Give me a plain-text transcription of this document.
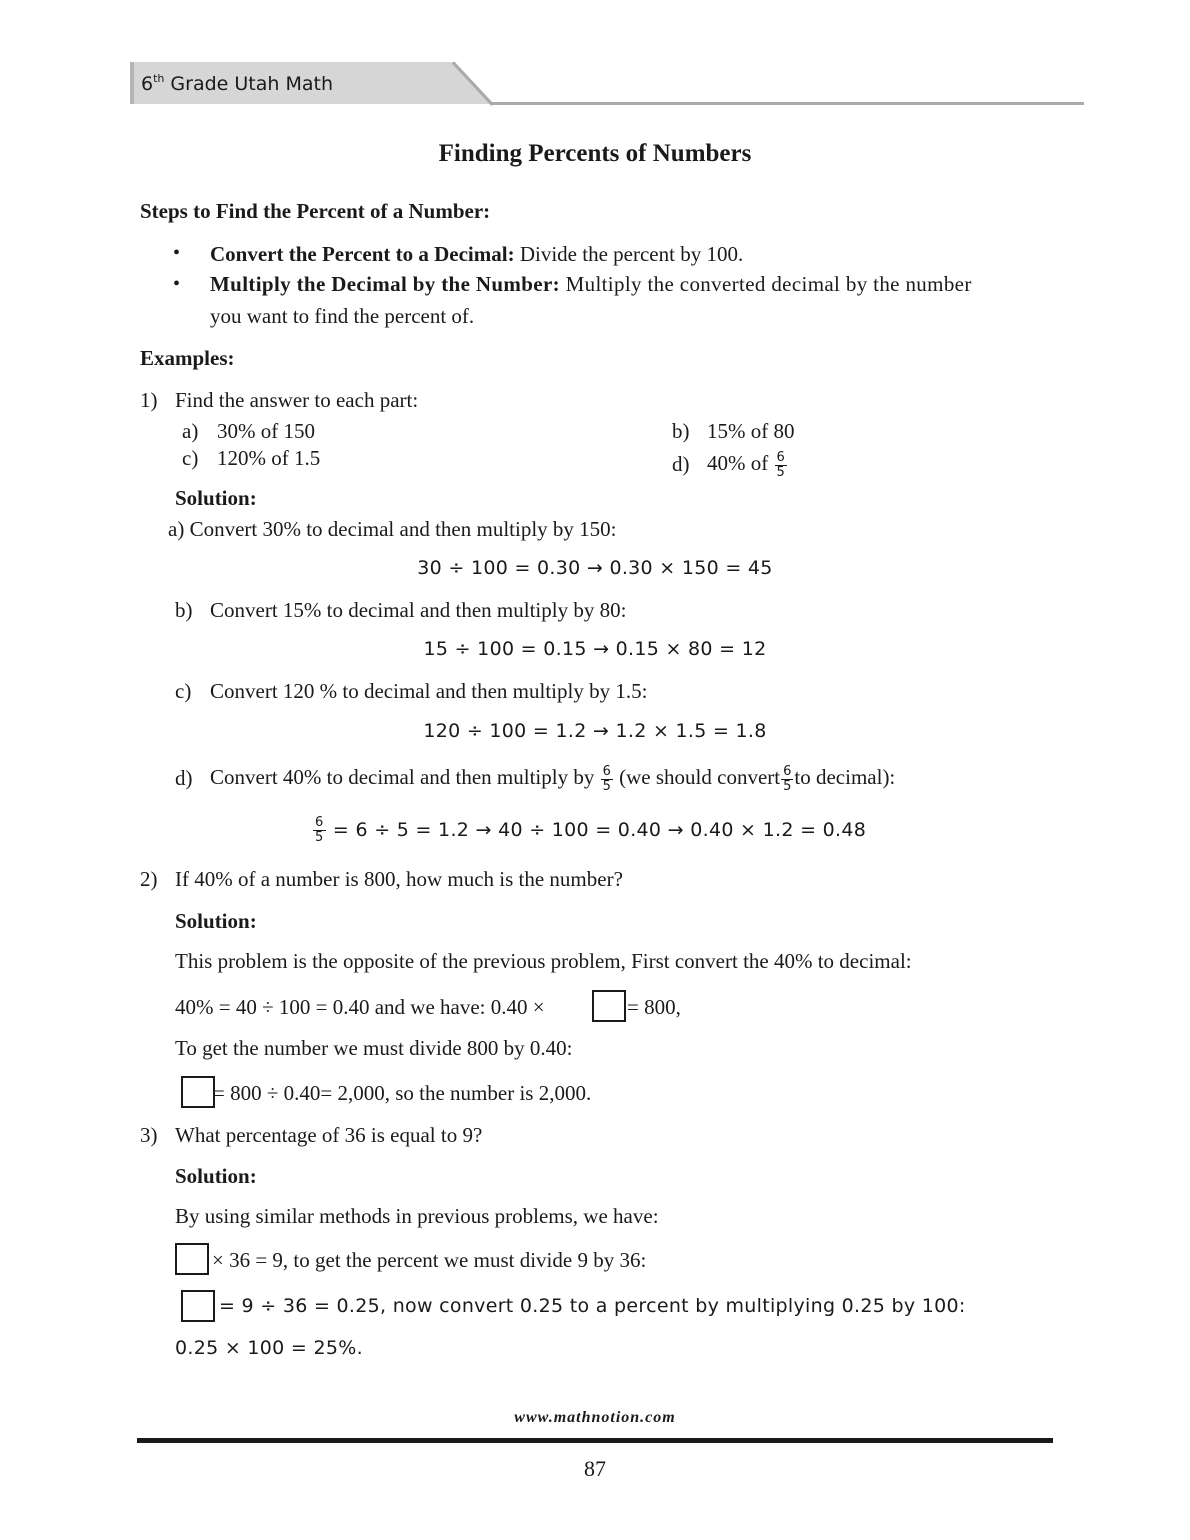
6th Grade Utah Math
Finding Percents of Numbers
Steps to Find the Percent of a Number:
• Convert the Percent to a Decimal: Divide the percent by 100.
• Multiply the Decimal by the Number: Multiply the converted decimal by the number
you want to find the percent of.
Examples:
1) Find the answer to each part:
a) 30% of 150	b) 15% of 80
c) 120% of 1.5	d) 40% of $\frac{6}{5}$
Solution:
a) Convert 30% to decimal and then multiply by 150:
30 ÷ 100 = 0.30 → 0.30 × 150 = 45
b) Convert 15% to decimal and then multiply by 80:
15 ÷ 100 = 0.15 → 0.15 × 80 = 12
c) Convert 120 % to decimal and then multiply by 1.5:
120 ÷ 100 = 1.2 → 1.2 × 1.5 = 1.8
d) Convert 40% to decimal and then multiply by $\frac{6}{5} (we$ should convert $\frac{6}{5}$ to decimal):
$\frac{6}{5} = 6 \div 5 = 1.2 \to 40 \div 100 = 0.40 \to 0.40 \times 1.2 = 0.48$
2) If 40% of a number is 800, how much is the number?
Solution:
This problem is the opposite of the previous problem, First convert the 40% to decimal:
40% = 40 ÷ 100 = 0.40 and we have: 0.40 ×	= 800,
To get the number we must divide 800 by 0.40:
= 800 ÷ 0.40= 2,000, so the number is 2,000.
3) What percentage of 36 is equal to 9?
Solution:
By using similar methods in previous problems, we have:
× 36 = 9, to get the percent we must divide 9 by 36:
= 9 ÷ 36 = 0.25, now convert 0.25 to a percent by multiplying 0.25 by 100:
0.25 × 100 = 25%.
www.mathnotion.com
87
